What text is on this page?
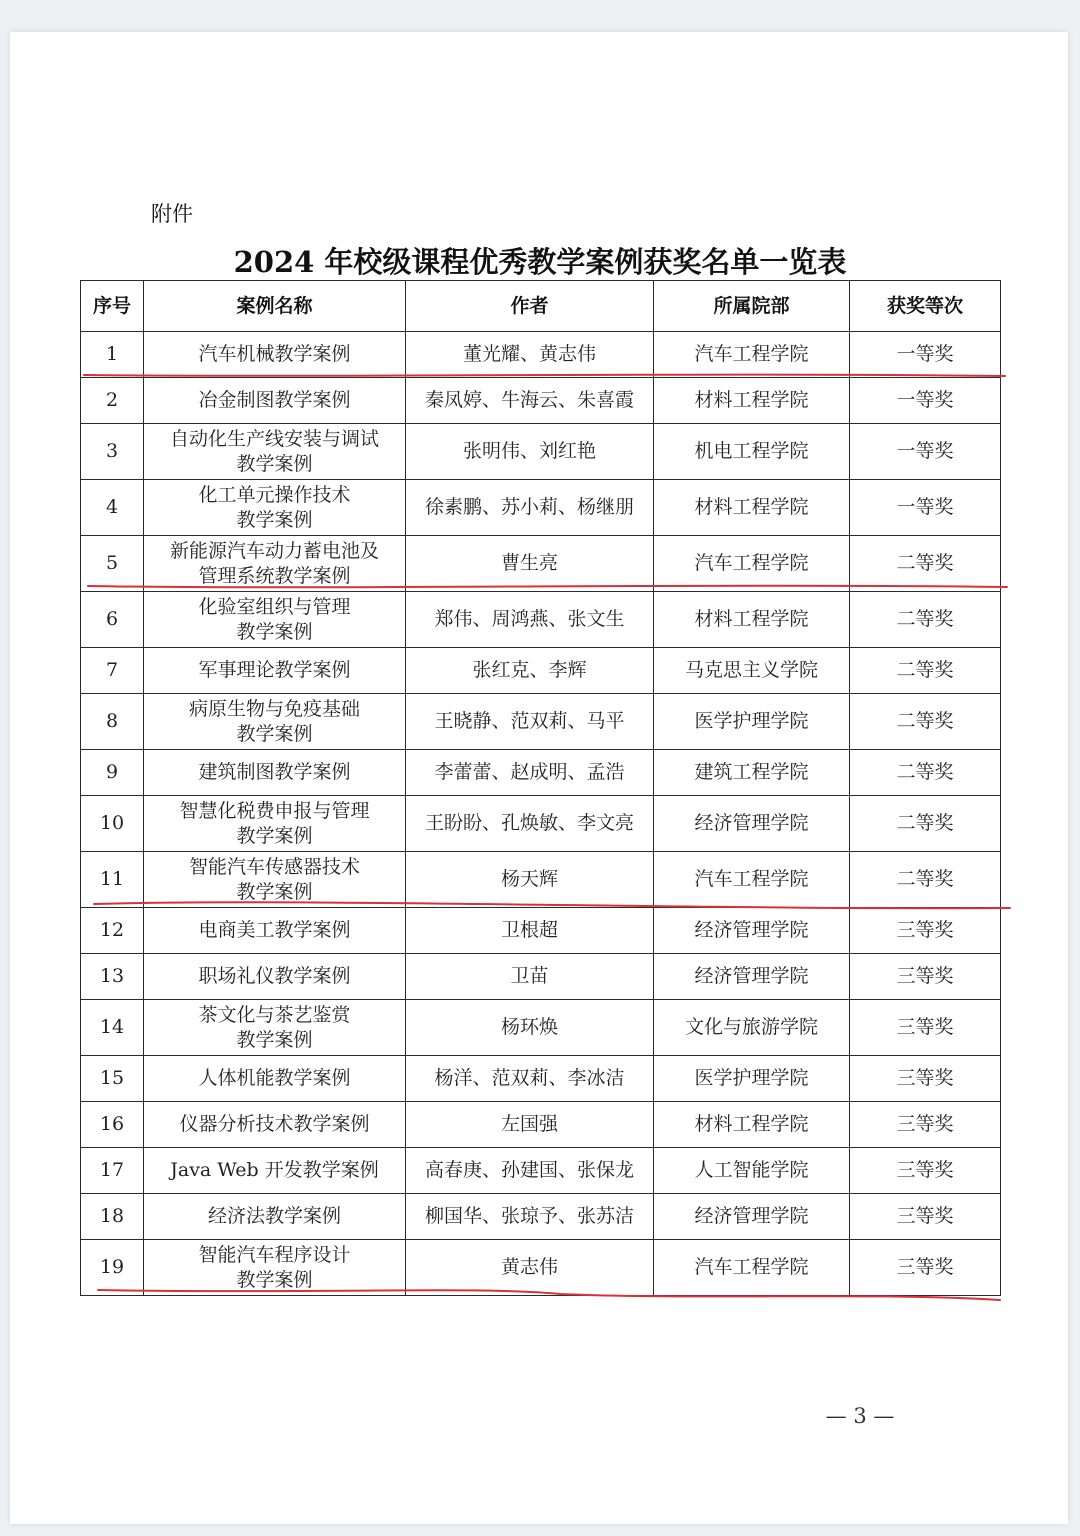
附件
2024 年校级课程优秀教学案例获奖名单一览表
序号	案例名称	作者	所属院部	获奖等次
1	汽车机械教学案例	董光耀、黄志伟	汽车工程学院	一等奖
2	冶金制图教学案例	秦凤婷、牛海云、朱喜霞	材料工程学院	一等奖
3	自动化生产线安装与调试
教学案例	张明伟、刘红艳	机电工程学院	一等奖
4	化工单元操作技术
教学案例	徐素鹏、苏小莉、杨继朋	材料工程学院	一等奖
5	新能源汽车动力蓄电池及
管理系统教学案例	曹生亮	汽车工程学院	二等奖
6	化验室组织与管理
教学案例	郑伟、周鸿燕、张文生	材料工程学院	二等奖
7	军事理论教学案例	张红克、李辉	马克思主义学院	二等奖
8	病原生物与免疫基础
教学案例	王晓静、范双莉、马平	医学护理学院	二等奖
9	建筑制图教学案例	李蕾蕾、赵成明、孟浩	建筑工程学院	二等奖
10	智慧化税费申报与管理
教学案例	王盼盼、孔焕敏、李文亮	经济管理学院	二等奖
11	智能汽车传感器技术
教学案例	杨天辉	汽车工程学院	二等奖
12	电商美工教学案例	卫根超	经济管理学院	三等奖
13	职场礼仪教学案例	卫苗	经济管理学院	三等奖
14	茶文化与茶艺鉴赏
教学案例	杨环焕	文化与旅游学院	三等奖
15	人体机能教学案例	杨洋、范双莉、李冰洁	医学护理学院	三等奖
16	仪器分析技术教学案例	左国强	材料工程学院	三等奖
17	Java Web 开发教学案例	高春庚、孙建国、张保龙	人工智能学院	三等奖
18	经济法教学案例	柳国华、张琼予、张苏洁	经济管理学院	三等奖
19	智能汽车程序设计
教学案例	黄志伟	汽车工程学院	三等奖
— 3 —
